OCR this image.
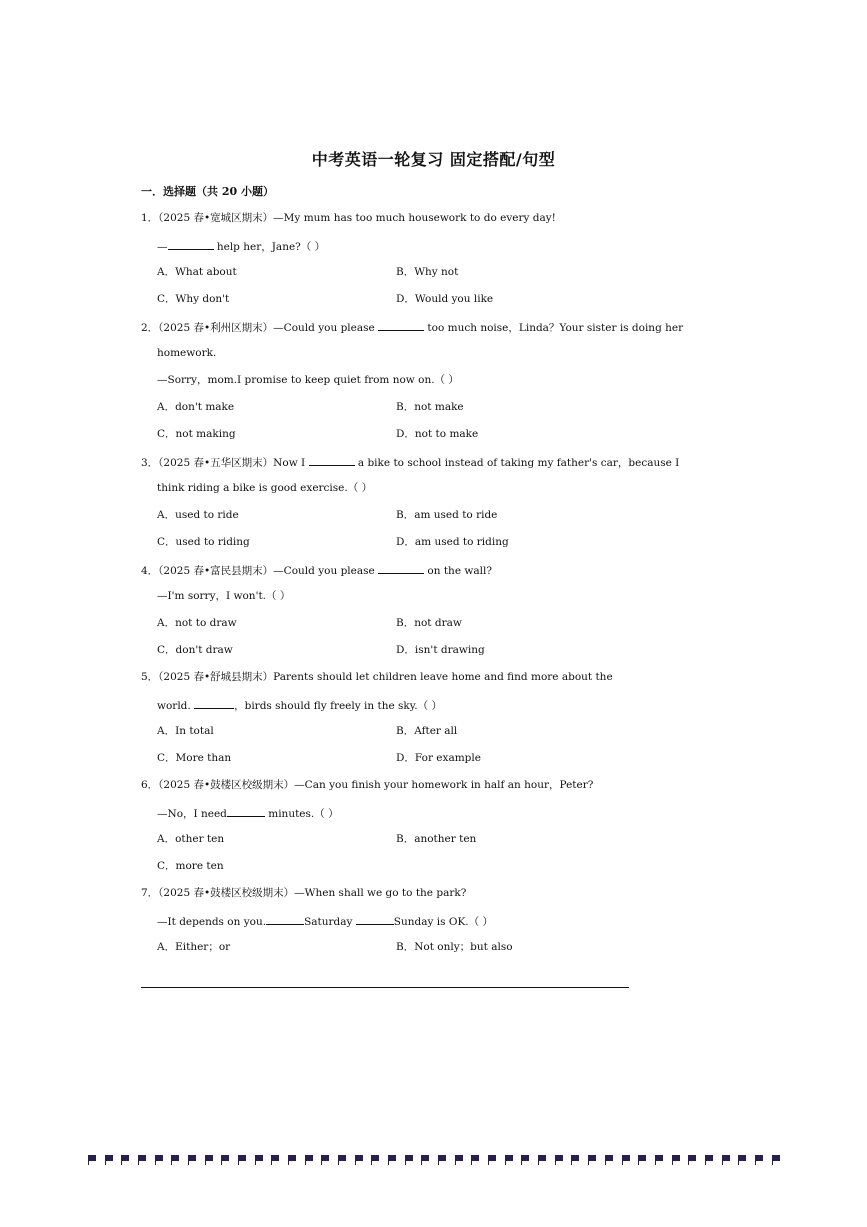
中考英语一轮复习 固定搭配/句型
一．选择题（共 20 小题）
1．（2025 春•宽城区期末）—My mum has too much housework to do every day!
—	help her，Jane?（ ）
A．What about	B．Why not
C．Why don't	D．Would you like
2．（2025 春•利州区期末）—Could you please	too much noise，Linda？Your sister is doing her
homework.
—Sorry，mom.I promise to keep quiet from now on.（ ）
A．don't make	B．not make
C．not making	D．not to make
3．（2025 春•五华区期末）Now I	a bike to school instead of taking my father's car，because I
think riding a bike is good exercise.（ ）
A．used to ride	B．am used to ride
C．used to riding	D．am used to riding
4．（2025 春•富民县期末）—Could you please	on the wall?
—I'm sorry，I won't.（ ）
A．not to draw	B．not draw
C．don't draw	D．isn't drawing
5．（2025 春•舒城县期末）Parents should let children leave home and find more about the
world.	，birds should fly freely in the sky.（ ）
A．In total	B．After all
C．More than	D．For example
6．（2025 春•鼓楼区校级期末）—Can you finish your homework in half an hour，Peter?
—No，I need	minutes.（ ）
A．other ten	B．another ten
C．more ten
7．（2025 春•鼓楼区校级期末）—When shall we go to the park?
—It depends on you.	Saturday	Sunday is OK.（ ）
A．Either；or	B．Not only；but also
